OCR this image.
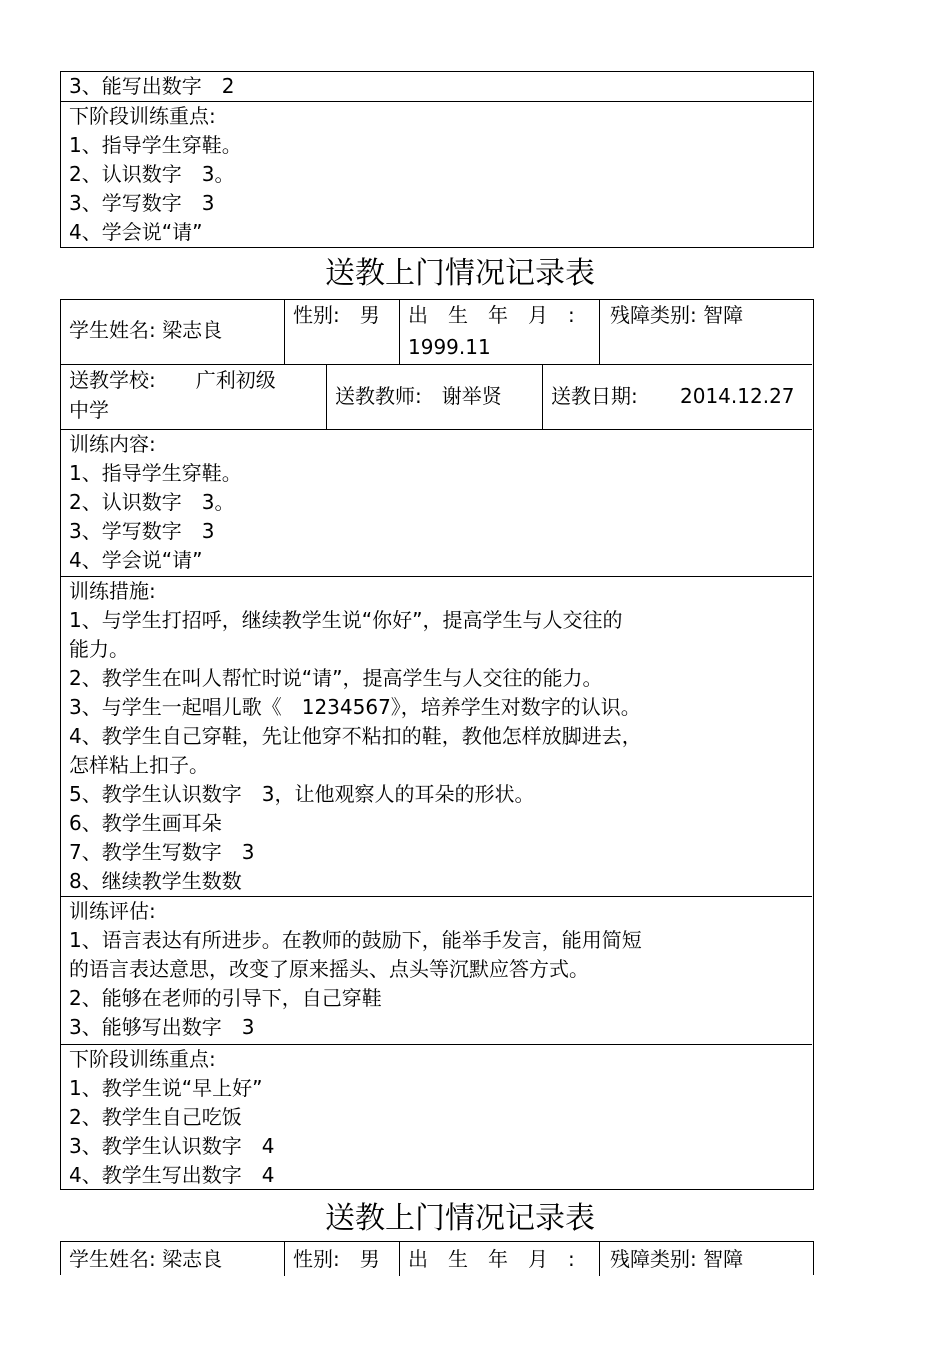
3、能写出数字　2
下阶段训练重点:
1、指导学生穿鞋。
2、认识数字　3。
3、学写数字　3
4、学会说“请”
送教上门情况记录表
学生姓名: 梁志良
性别:　男 出　生　年　月　:
1999.11
残障类别: 智障
送教学校:　　广利初级
中学
送教教师:　谢举贤 送教日期: 2014.12.27
训练内容:
1、指导学生穿鞋。
2、认识数字　3。
3、学写数字　3
4、学会说“请”
训练措施:
1、与学生打招呼，继续教学生说“你好”，提高学生与人交往的
能力。
2、教学生在叫人帮忙时说“请”，提高学生与人交往的能力。
3、与学生一起唱儿歌《　1234567》，培养学生对数字的认识。
4、教学生自己穿鞋，先让他穿不粘扣的鞋，教他怎样放脚进去，
怎样粘上扣子。
5、教学生认识数字　3，让他观察人的耳朵的形状。
6、教学生画耳朵
7、教学生写数字　3
8、继续教学生数数
训练评估:
1、语言表达有所进步。在教师的鼓励下，能举手发言，能用简短
的语言表达意思，改变了原来摇头、点头等沉默应答方式。
2、能够在老师的引导下，自己穿鞋
3、能够写出数字　3
下阶段训练重点:
1、教学生说“早上好”
2、教学生自己吃饭
3、教学生认识数字　4
4、教学生写出数字　4
送教上门情况记录表
学生姓名: 梁志良	性别:　男 出　生　年　月　: 残障类别: 智障
